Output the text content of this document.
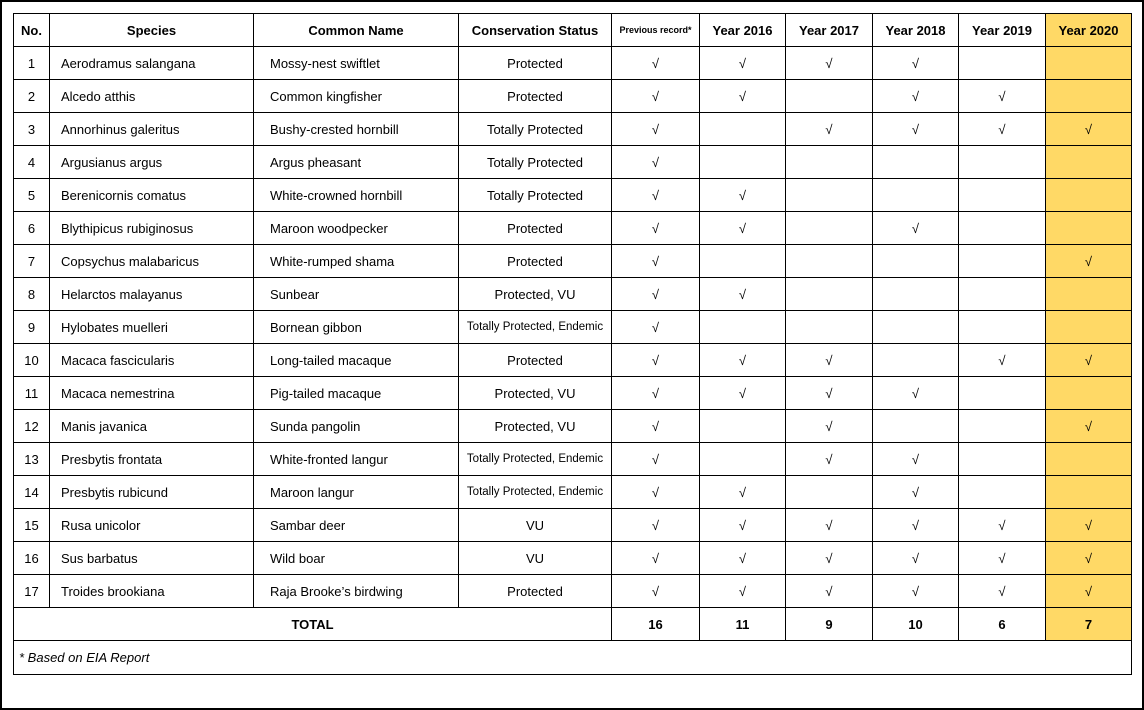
No.	Species	Common Name	Conservation Status	Previous record*	Year 2016	Year 2017	Year 2018	Year 2019	Year 2020
1	Aerodramus salangana	Mossy-nest swiftlet	Protected	√	√	√	√		
2	Alcedo atthis	Common kingfisher	Protected	√	√		√	√	
3	Annorhinus galeritus	Bushy-crested hornbill	Totally Protected	√		√	√	√	√
4	Argusianus argus	Argus pheasant	Totally Protected	√					
5	Berenicornis comatus	White-crowned hornbill	Totally Protected	√	√				
6	Blythipicus rubiginosus	Maroon woodpecker	Protected	√	√		√		
7	Copsychus malabaricus	White-rumped shama	Protected	√					√
8	Helarctos malayanus	Sunbear	Protected, VU	√	√				
9	Hylobates muelleri	Bornean gibbon	Totally Protected, Endemic	√					
10	Macaca fascicularis	Long-tailed macaque	Protected	√	√	√		√	√
11	Macaca nemestrina	Pig-tailed macaque	Protected, VU	√	√	√	√		
12	Manis javanica	Sunda pangolin	Protected, VU	√		√			√
13	Presbytis frontata	White-fronted langur	Totally Protected, Endemic	√		√	√		
14	Presbytis rubicund	Maroon langur	Totally Protected, Endemic	√	√		√		
15	Rusa unicolor	Sambar deer	VU	√	√	√	√	√	√
16	Sus barbatus	Wild boar	VU	√	√	√	√	√	√
17	Troides brookiana	Raja Brooke’s birdwing	Protected	√	√	√	√	√	√
TOTAL				16	11	9	10	6	7
* Based on EIA Report									
